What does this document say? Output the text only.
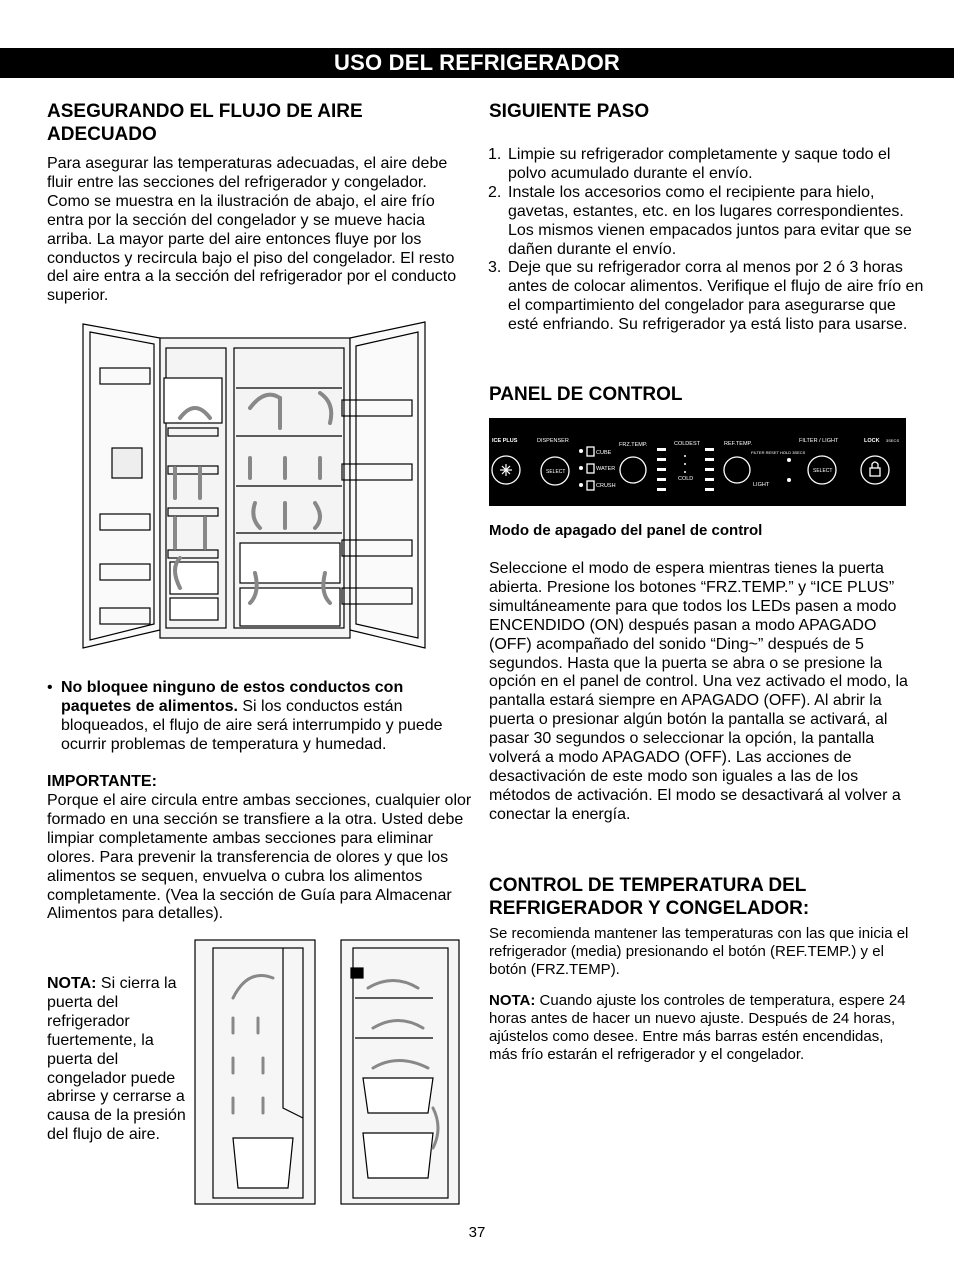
USO DEL REFRIGERADOR
ASEGURANDO EL FLUJO DE AIRE ADECUADO

Para asegurar las temperaturas adecuadas, el aire debe fluir entre las secciones del refrigerador y congelador. Como se muestra en la ilustración de abajo, el aire frío entra por la sección del congelador y se mueve hacia arriba. La mayor parte del aire entonces fluye por los conductos y recircula bajo el piso del congelador. El resto del aire entra a la sección del refrigerador por el conducto superior.

• No bloquee ninguno de estos conductos con paquetes de alimentos. Si los conductos están bloqueados, el flujo de aire será interrumpido y puede ocurrir problemas de temperatura y humedad.
IMPORTANTE:

Porque el aire circula entre ambas secciones, cualquier olor formado en una sección se transfiere a la otra. Usted debe limpiar completamente ambas secciones para eliminar olores. Para prevenir la transferencia de olores y que los alimentos se sequen, envuelva o cubra los alimentos completamente. (Vea la sección de Guía para Almacenar Alimentos para detalles).

NOTA: Si cierra la puerta del refrigerador fuertemente, la puerta del congelador puede abrirse y cerrarse a causa de la presión del flujo de aire.
SIGUIENTE PASO
1. Limpie su refrigerador completamente y saque todo el polvo acumulado durante el envío.
2. Instale los accesorios como el recipiente para hielo, gavetas, estantes, etc. en los lugares correspondientes. Los mismos vienen empacados juntos para evitar que se dañen durante el envío.
3. Deje que su refrigerador corra al menos por 2 ó 3 horas antes de colocar alimentos. Verifique el flujo de aire frío en el compartimiento del congelador para asegurarse que esté enfriando. Su refrigerador ya está listo para usarse.
PANEL DE CONTROL
ICE PLUS	DISPENSER
CUBE
WATER
CRUSH
FRZ.TEMP.	COLDEST
COLD
REF.TEMP.
FILTER RESET HOLD 3SECS
LIGHT
FILTER / LIGHT	LOCK 3SECS
SELECT	SELECT
Modo de apagado del panel de control

Seleccione el modo de espera mientras tienes la puerta abierta. Presione los botones “FRZ.TEMP.” y “ICE PLUS” simultáneamente para que todos los LEDs pasen a modo ENCENDIDO (ON) después pasan a modo APAGADO (OFF) acompañado del sonido “Ding~” después de 5 segundos. Hasta que la puerta se abra o se presione la opción en el panel de control. Una vez activado el modo, la pantalla estará siempre en APAGADO (OFF). Al abrir la puerta o presionar algún botón la pantalla se activará, al pasar 30 segundos o seleccionar la opción, la pantalla volverá a modo APAGADO (OFF). Las acciones de desactivación de este modo son iguales a las de los métodos de activación. El modo se desactivará al volver a conectar la energía.

CONTROL DE TEMPERATURA DEL REFRIGERADOR Y CONGELADOR:

Se recomienda mantener las temperaturas con las que inicia el refrigerador (media) presionando el botón (REF.TEMP.) y el botón (FRZ.TEMP).

NOTA: Cuando ajuste los controles de temperatura, espere 24 horas antes de hacer un nuevo ajuste. Después de 24 horas, ajústelos como desee. Entre más barras estén encendidas, más frío estarán el refrigerador y el congelador.
37
